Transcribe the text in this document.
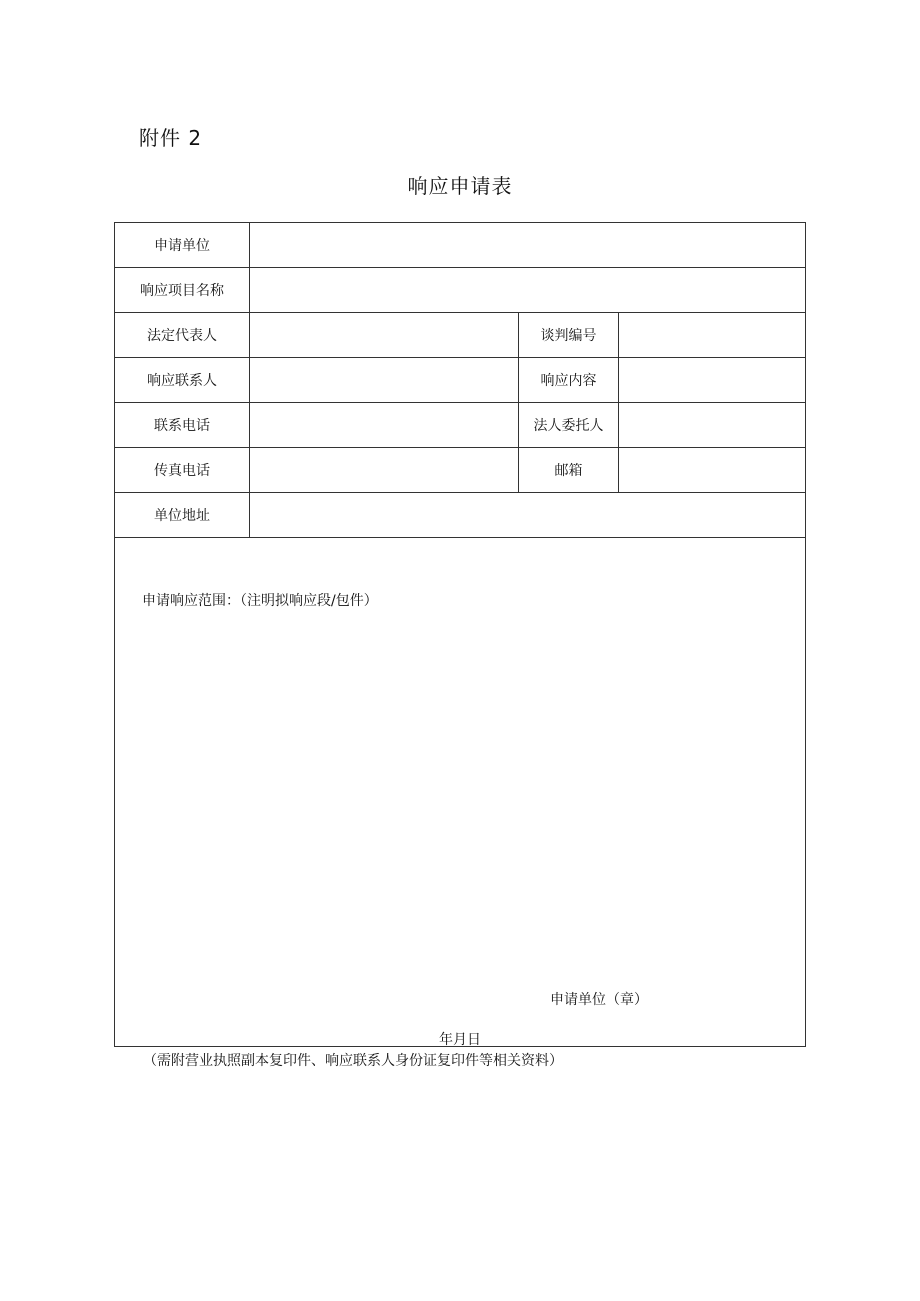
附件 2
响应申请表
申请单位			
响应项目名称			
法定代表人		谈判编号	
响应联系人		响应内容	
联系电话		法人委托人	
传真电话		邮箱	
单位地址			

申请响应范围：（注明拟响应段/包件）
申请单位（章）			
年月日
（需附营业执照副本复印件、响应联系人身份证复印件等相关资料）
